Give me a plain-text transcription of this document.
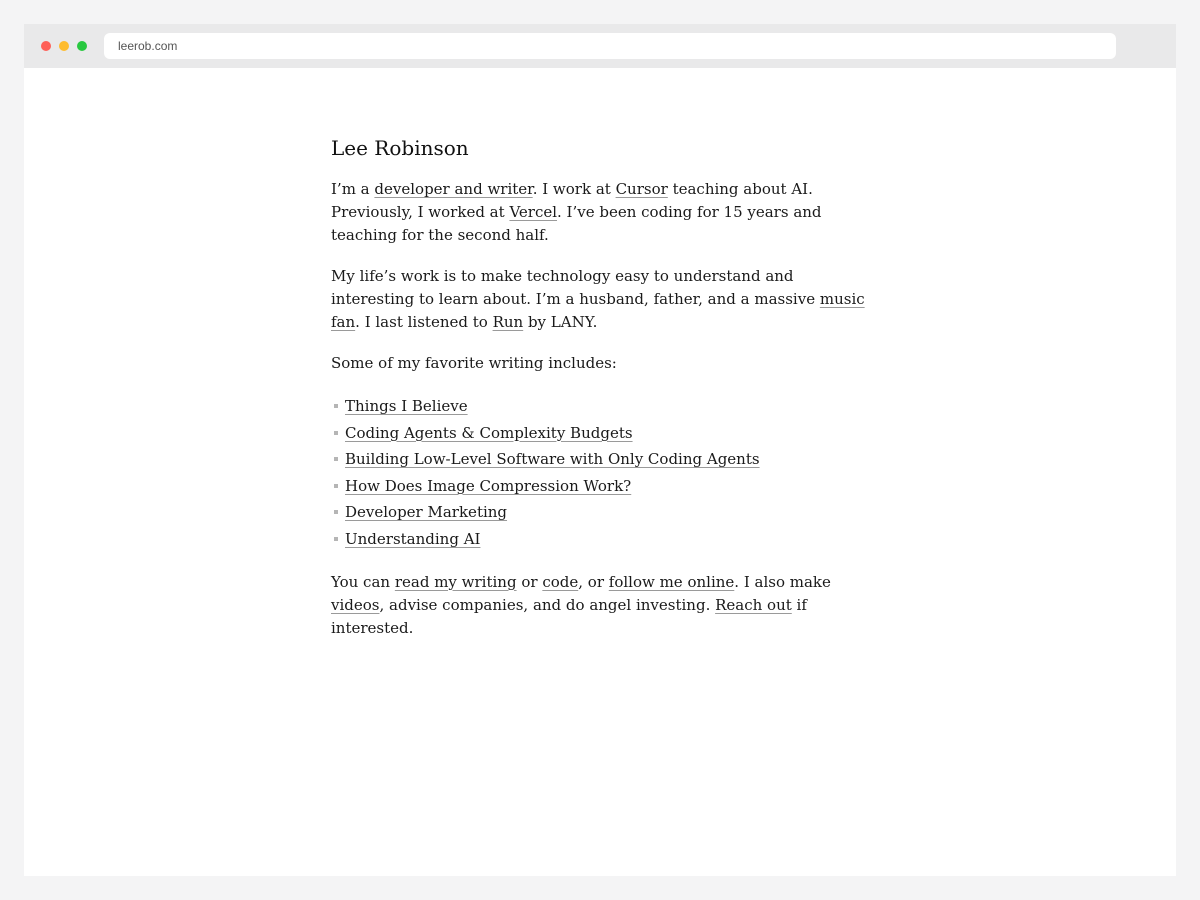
leerob.com
Lee Robinson

I’m a developer and writer. I work at Cursor teaching about AI. Previously, I worked at Vercel. I’ve been coding for 15 years and teaching for the second half.

My life’s work is to make technology easy to understand and interesting to learn about. I’m a husband, father, and a massive music fan. I last listened to Run by LANY.

Some of my favorite writing includes:

Things I Believe
Coding Agents & Complexity Budgets
Building Low-Level Software with Only Coding Agents
How Does Image Compression Work?
Developer Marketing
Understanding AI

You can read my writing or code, or follow me online. I also make videos, advise companies, and do angel investing. Reach out if interested.
